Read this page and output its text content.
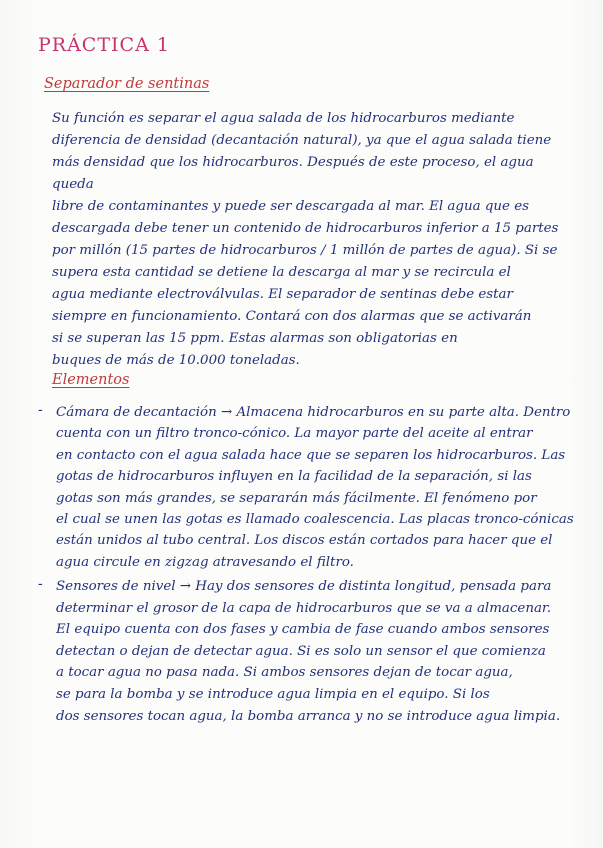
PRÁCTICA 1
Separador de sentinas

Su función es separar el agua salada de los hidrocarburos mediante
diferencia de densidad (decantación natural), ya que el agua salada tiene
más densidad que los hidrocarburos. Después de este proceso, el agua queda
libre de contaminantes y puede ser descargada al mar. El agua que es
descargada debe tener un contenido de hidrocarburos inferior a 15 partes
por millón (15 partes de hidrocarburos / 1 millón de partes de agua). Si se
supera esta cantidad se detiene la descarga al mar y se recircula el
agua mediante electroválvulas. El separador de sentinas debe estar
siempre en funcionamiento. Contará con dos alarmas que se activarán
si se superan las 15 ppm. Estas alarmas son obligatorias en
buques de más de 10.000 toneladas.

Elementos
- Cámara de decantación → Almacena hidrocarburos en su parte alta. Dentro
cuenta con un filtro tronco-cónico. La mayor parte del aceite al entrar
en contacto con el agua salada hace que se separen los hidrocarburos. Las
gotas de hidrocarburos influyen en la facilidad de la separación, si las
gotas son más grandes, se separarán más fácilmente. El fenómeno por
el cual se unen las gotas es llamado coalescencia. Las placas tronco-cónicas
están unidos al tubo central. Los discos están cortados para hacer que el
agua circule en zigzag atravesando el filtro.

- Sensores de nivel → Hay dos sensores de distinta longitud, pensada para
determinar el grosor de la capa de hidrocarburos que se va a almacenar.
El equipo cuenta con dos fases y cambia de fase cuando ambos sensores
detectan o dejan de detectar agua. Si es solo un sensor el que comienza
a tocar agua no pasa nada. Si ambos sensores dejan de tocar agua,
se para la bomba y se introduce agua limpia en el equipo. Si los
dos sensores tocan agua, la bomba arranca y no se introduce agua limpia.
